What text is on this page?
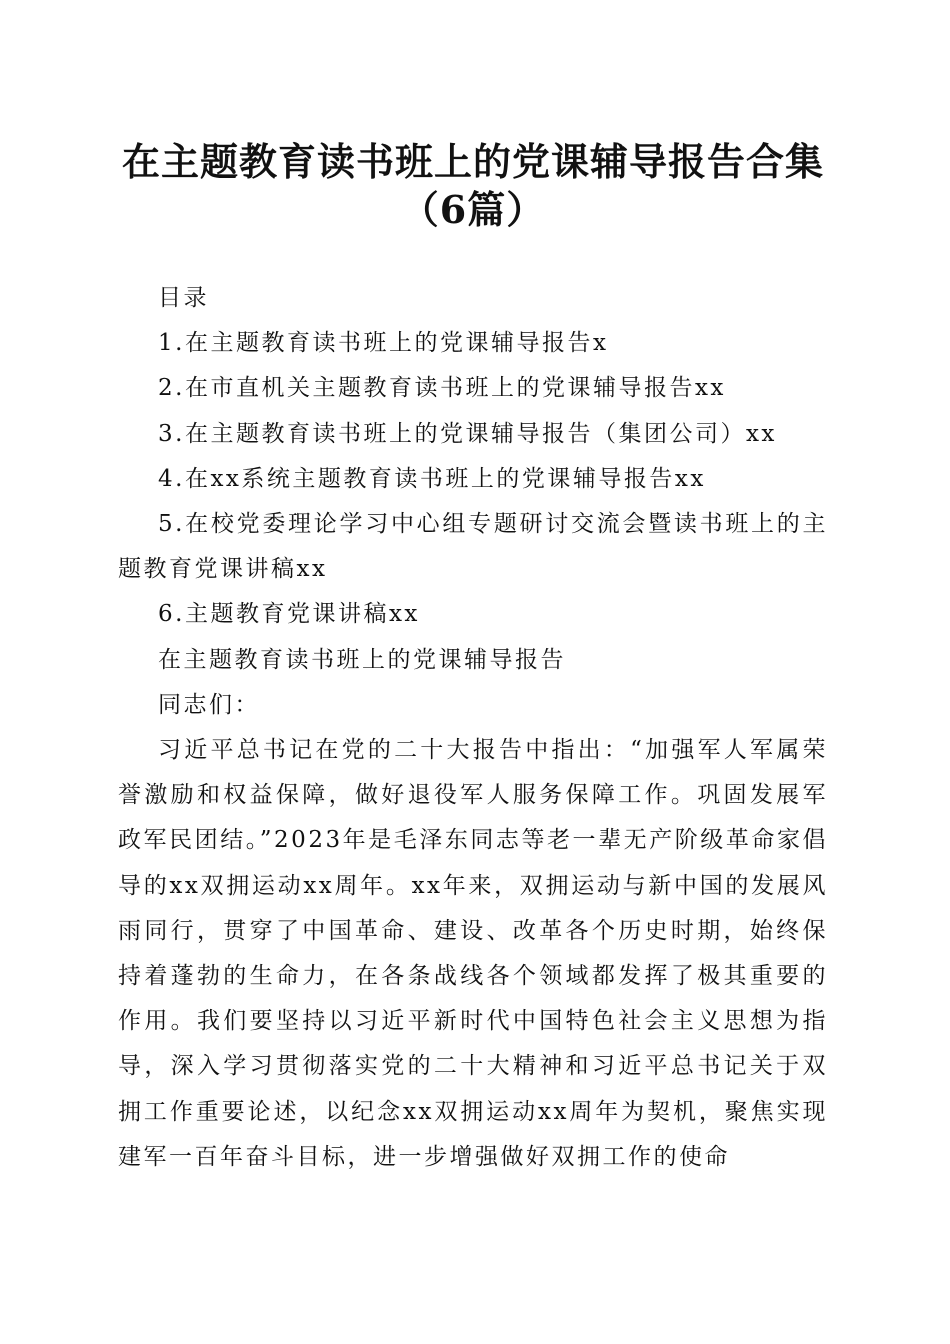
在主题教育读书班上的党课辅导报告合集（6篇）

目录

1.在主题教育读书班上的党课辅导报告x
2.在市直机关主题教育读书班上的党课辅导报告xx
3.在主题教育读书班上的党课辅导报告（集团公司）xx
4.在xx系统主题教育读书班上的党课辅导报告xx
5.在校党委理论学习中心组专题研讨交流会暨读书班上的主题教育党课讲稿xx
6.主题教育党课讲稿xx

在主题教育读书班上的党课辅导报告

同志们：

习近平总书记在党的二十大报告中指出：“加强军人军属荣誉激励和权益保障，做好退役军人服务保障工作。巩固发展军政军民团结。”2023年是毛泽东同志等老一辈无产阶级革命家倡导的xx双拥运动xx周年。xx年来，双拥运动与新中国的发展风雨同行，贯穿了中国革命、建设、改革各个历史时期，始终保持着蓬勃的生命力，在各条战线各个领域都发挥了极其重要的作用。我们要坚持以习近平新时代中国特色社会主义思想为指导，深入学习贯彻落实党的二十大精神和习近平总书记关于双拥工作重要论述，以纪念xx双拥运动xx周年为契机，聚焦实现建军一百年奋斗目标，进一步增强做好双拥工作的使命
